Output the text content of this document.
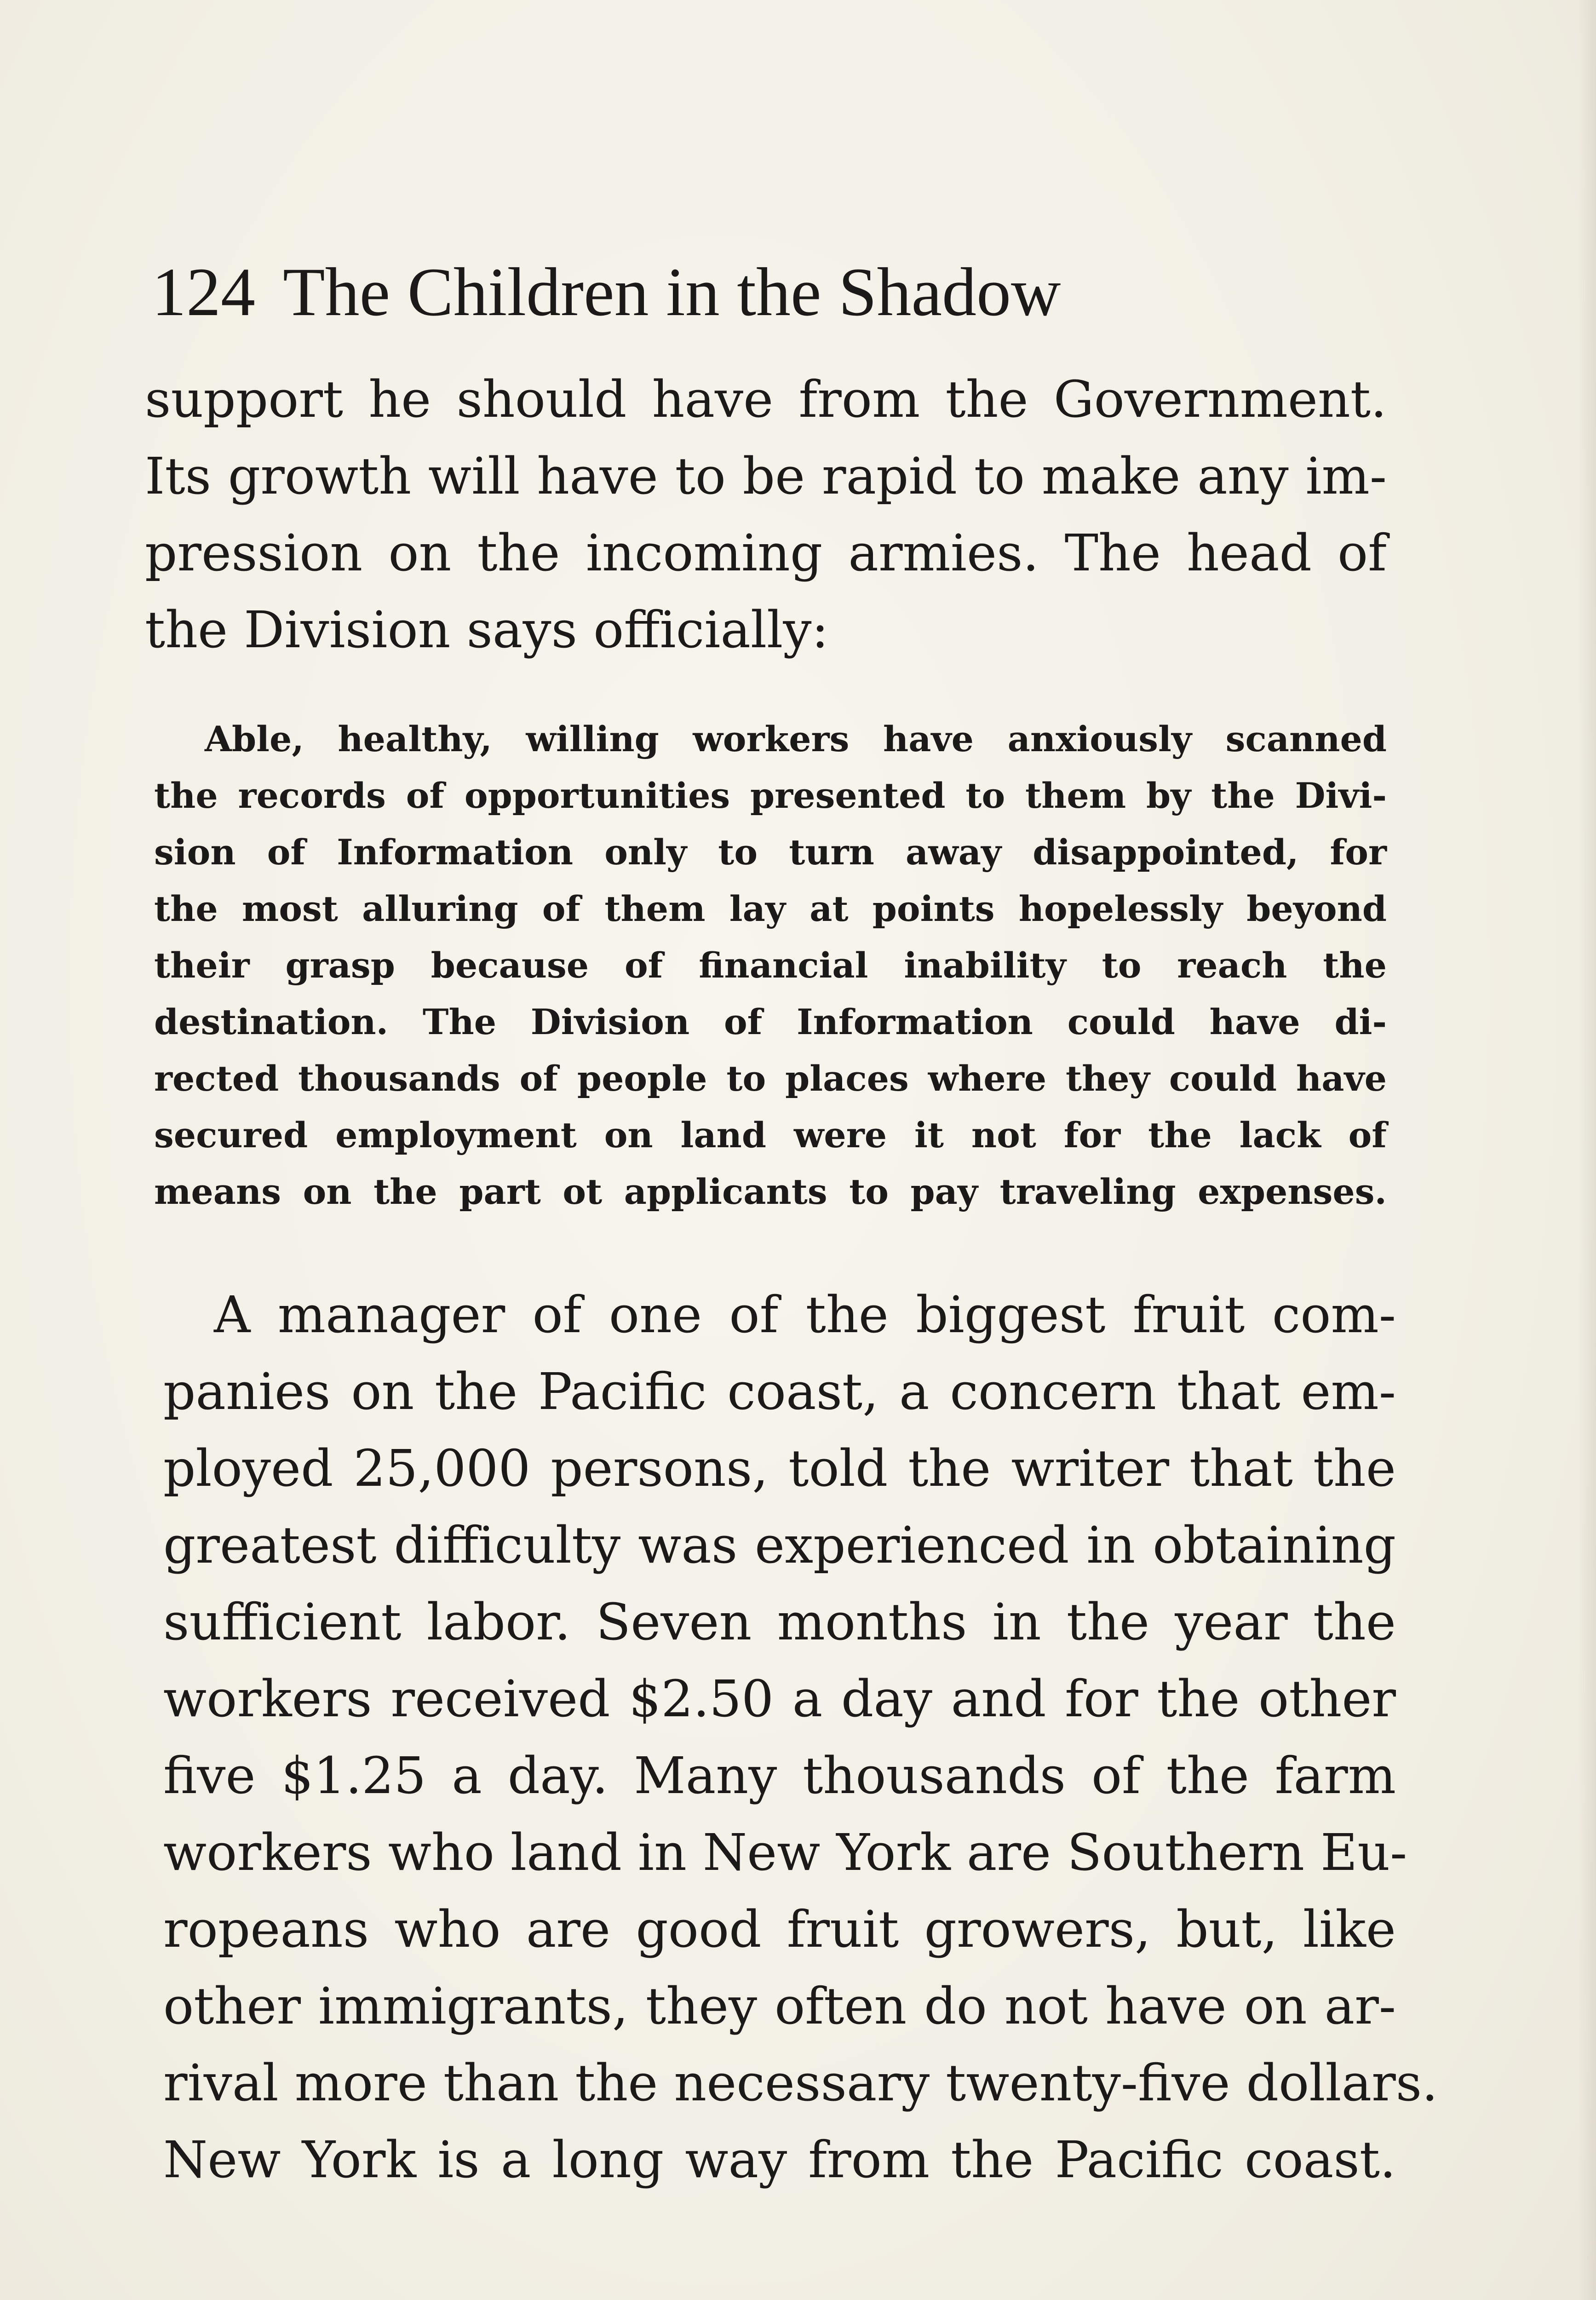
124 The Children in the Shadow
support he should have from the Government.
Its growth will have to be rapid to make any im-
pression on the incoming armies. The head of
the Division says officially:
Able, healthy, willing workers have anxiously scanned
the records of opportunities presented to them by the Divi-
sion of Information only to turn away disappointed, for
the most alluring of them lay at points hopelessly beyond
their grasp because of financial inability to reach the
destination. The Division of Information could have di-
rected thousands of people to places where they could have
secured employment on land were it not for the lack of
means on the part ot applicants to pay traveling expenses.
A manager of one of the biggest fruit com-
panies on the Pacific coast, a concern that em-
ployed 25,000 persons, told the writer that the
greatest difficulty was experienced in obtaining
sufficient labor. Seven months in the year the
workers received $2.50 a day and for the other
five $1.25 a day. Many thousands of the farm
workers who land in New York are Southern Eu-
ropeans who are good fruit growers, but, like
other immigrants, they often do not have on ar-
rival more than the necessary twenty-five dollars.
New York is a long way from the Pacific coast.
